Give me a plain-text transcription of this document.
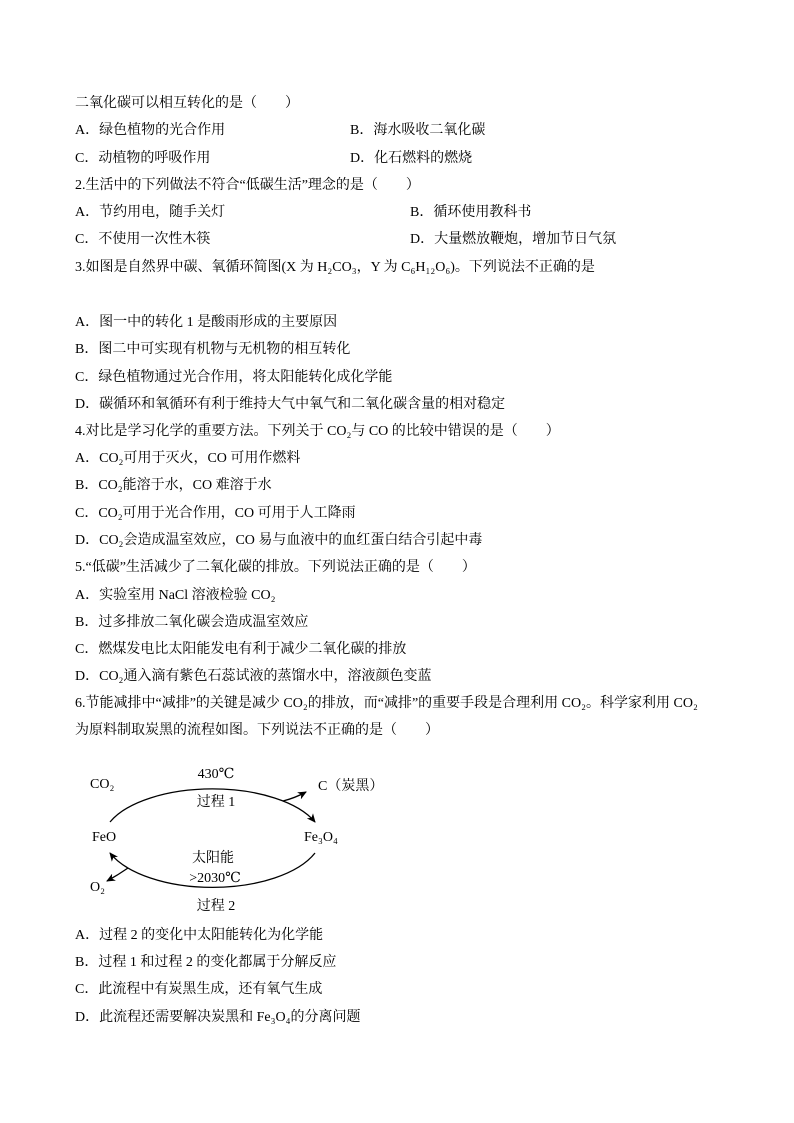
二氧化碳可以相互转化的是（　　）
A．绿色植物的光合作用	B．海水吸收二氧化碳
C．动植物的呼吸作用	D．化石燃料的燃烧
2.生活中的下列做法不符合“低碳生活”理念的是（　　）
A．节约用电，随手关灯	B．循环使用教科书
C．不使用一次性木筷	D．大量燃放鞭炮，增加节日气氛
3.如图是自然界中碳、氧循环简图(X 为 H₂CO₃，Y 为 C₆H₁₂O₆)。下列说法不正确的是
A．图一中的转化 1 是酸雨形成的主要原因
B．图二中可实现有机物与无机物的相互转化
C．绿色植物通过光合作用，将太阳能转化成化学能
D．碳循环和氧循环有利于维持大气中氧气和二氧化碳含量的相对稳定
4.对比是学习化学的重要方法。下列关于 CO₂与 CO 的比较中错误的是（　　）
A．CO₂可用于灭火，CO 可用作燃料
B．CO₂能溶于水，CO 难溶于水
C．CO₂可用于光合作用，CO 可用于人工降雨
D．CO₂会造成温室效应，CO 易与血液中的血红蛋白结合引起中毒
5.“低碳”生活减少了二氧化碳的排放。下列说法正确的是（　　）
A．实验室用 NaCl 溶液检验 CO₂
B．过多排放二氧化碳会造成温室效应
C．燃煤发电比太阳能发电有利于减少二氧化碳的排放
D．CO₂通入滴有紫色石蕊试液的蒸馏水中，溶液颜色变蓝
6.节能减排中“减排”的关键是减少 CO₂的排放，而“减排”的重要手段是合理利用 CO₂。科学家利用 CO₂
为原料制取炭黑的流程如图。下列说法不正确的是（　　）
CO₂
430℃
C（炭黑）
过程 1
FeO	Fe₃O₄
太阳能
>2030℃
O₂
过程 2
A．过程 2 的变化中太阳能转化为化学能
B．过程 1 和过程 2 的变化都属于分解反应
C．此流程中有炭黑生成，还有氧气生成
D．此流程还需要解决炭黑和 Fe₃O₄的分离问题
